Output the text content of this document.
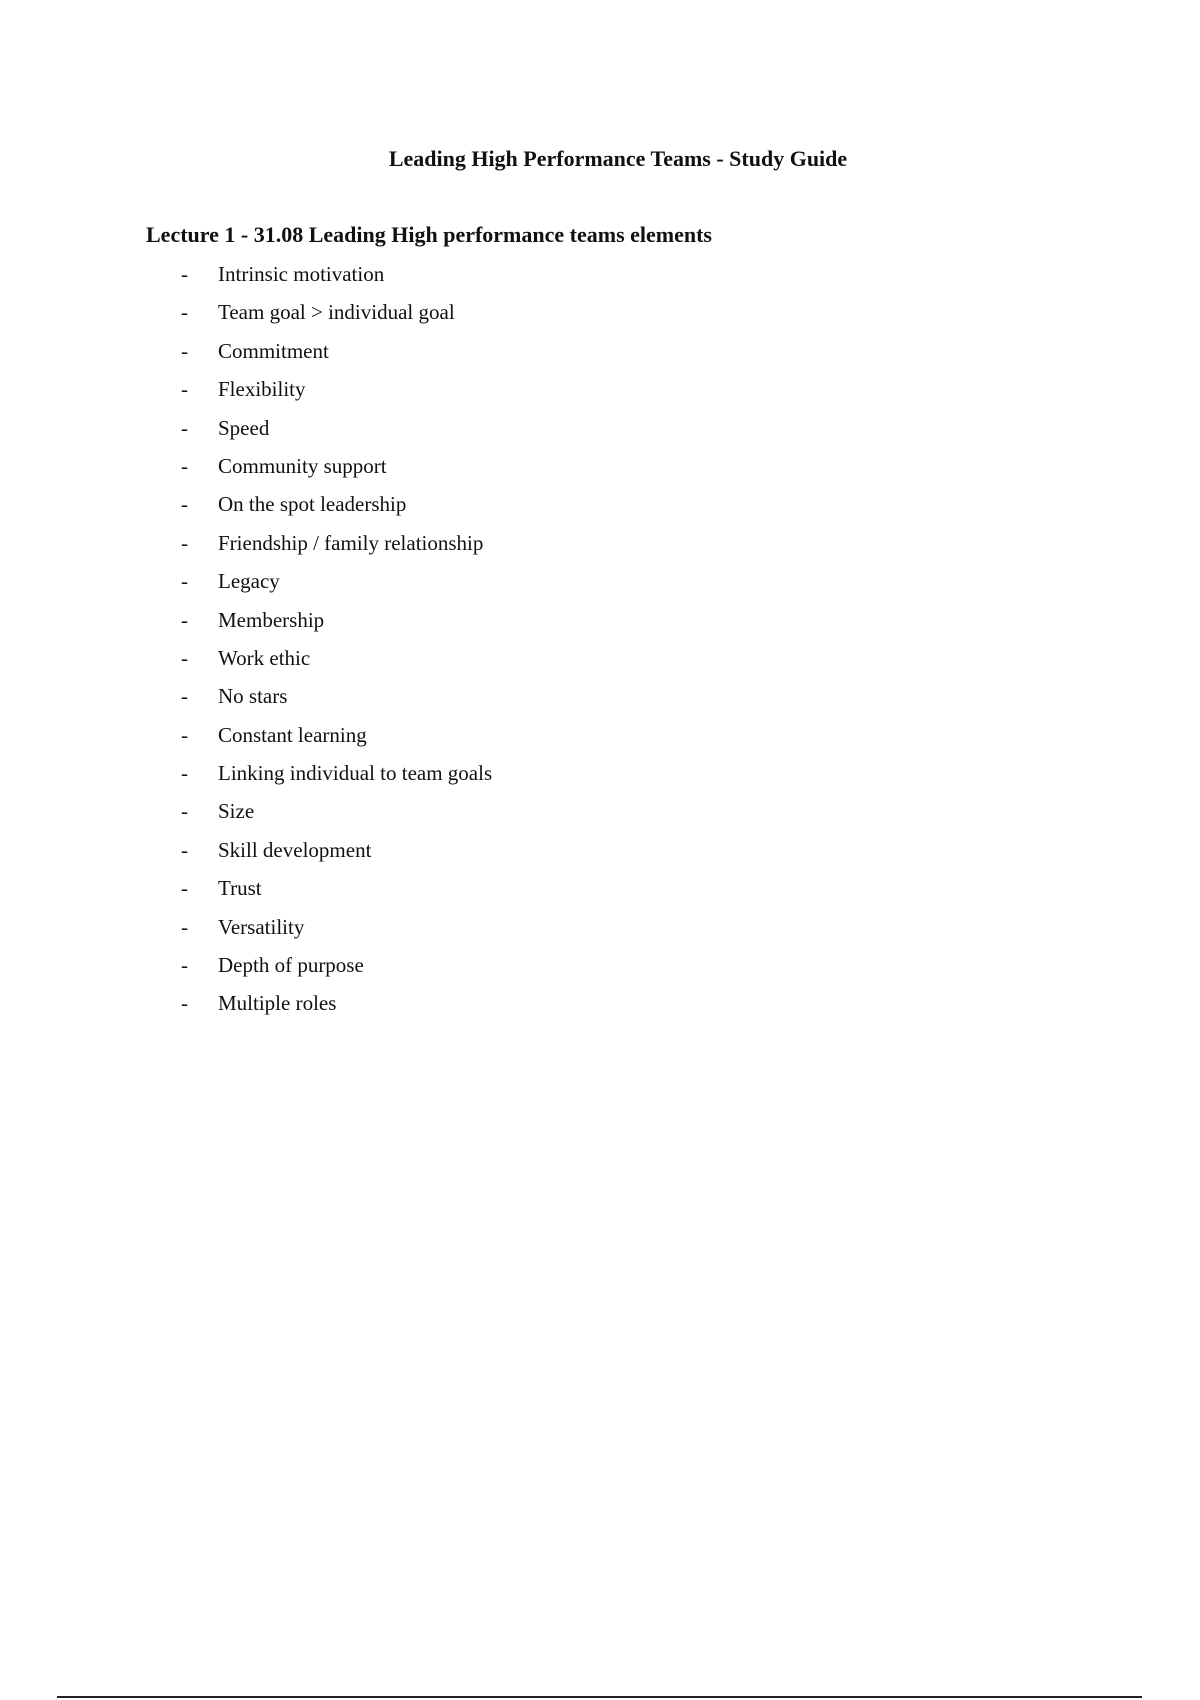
Leading High Performance Teams - Study Guide
Lecture 1 - 31.08 Leading High performance teams elements
- Intrinsic motivation
- Team goal > individual goal
- Commitment
- Flexibility
- Speed
- Community support
- On the spot leadership
- Friendship / family relationship
- Legacy
- Membership
- Work ethic
- No stars
- Constant learning
- Linking individual to team goals
- Size
- Skill development
- Trust
- Versatility
- Depth of purpose
- Multiple roles
